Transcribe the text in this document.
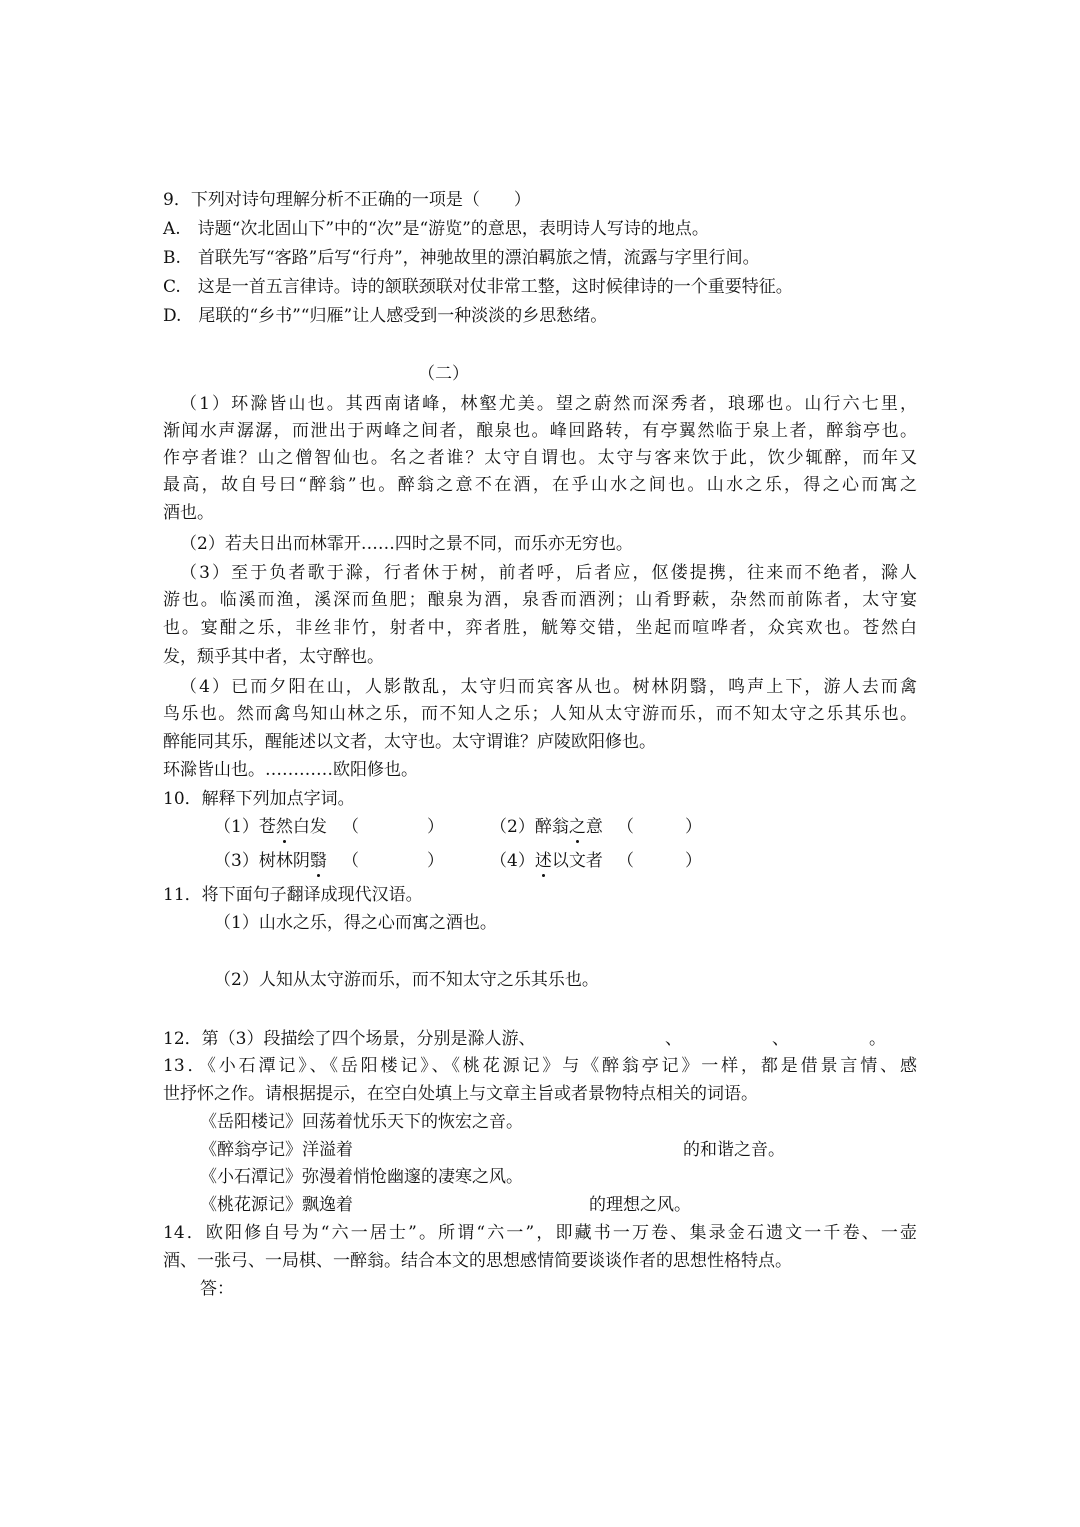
9．下列对诗句理解分析不正确的一项是（　　）
A.　诗题“次北固山下”中的“次”是“游览”的意思，表明诗人写诗的地点。
B.　首联先写“客路”后写“行舟”，神驰故里的漂泊羁旅之情，流露与字里行间。
C.　这是一首五言律诗。诗的颔联颈联对仗非常工整，这时候律诗的一个重要特征。
D.　尾联的“乡书”“归雁”让人感受到一种淡淡的乡思愁绪。
（二）
（1）环滁皆山也。其西南诸峰，林壑尤美。望之蔚然而深秀者，琅琊也。山行六七里，
渐闻水声潺潺，而泄出于两峰之间者，酿泉也。峰回路转，有亭翼然临于泉上者，醉翁亭也。
作亭者谁？山之僧智仙也。名之者谁？太守自谓也。太守与客来饮于此，饮少辄醉，而年又
最高，故自号曰“醉翁”也。醉翁之意不在酒，在乎山水之间也。山水之乐，得之心而寓之
酒也。
（2）若夫日出而林霏开……四时之景不同，而乐亦无穷也。
（3）至于负者歌于滁，行者休于树，前者呼，后者应，伛偻提携，往来而不绝者，滁人
游也。临溪而渔，溪深而鱼肥；酿泉为酒，泉香而酒洌；山肴野蔌，杂然而前陈者，太守宴
也。宴酣之乐，非丝非竹，射者中，弈者胜，觥筹交错，坐起而喧哗者，众宾欢也。苍然白
发，颓乎其中者，太守醉也。
（4）已而夕阳在山，人影散乱，太守归而宾客从也。树林阴翳，鸣声上下，游人去而禽
鸟乐也。然而禽鸟知山林之乐，而不知人之乐；人知从太守游而乐，而不知太守之乐其乐也。
醉能同其乐，醒能述以文者，太守也。太守谓谁？庐陵欧阳修也。
环滁皆山也。…………欧阳修也。
10．解释下列加点字词。
（1）苍然白发 （　　　　）	（2）醉翁之意 （　　　）
（3）树林阴翳 （　　　　）	（4）述以文者 （　　　）
11．将下面句子翻译成现代汉语。
（1）山水之乐，得之心而寓之酒也。
（2）人知从太守游而乐，而不知太守之乐其乐也。
12．第（3）段描绘了四个场景，分别是滁人游、	、	、	。
13．《小石潭记》、《岳阳楼记》、《桃花源记》与《醉翁亭记》一样，都是借景言情、感
世抒怀之作。请根据提示，在空白处填上与文章主旨或者景物特点相关的词语。
《岳阳楼记》回荡着忧乐天下的恢宏之音。
《醉翁亭记》洋溢着	的和谐之音。
《小石潭记》弥漫着悄怆幽邃的凄寒之风。
《桃花源记》飘逸着	的理想之风。
14．欧阳修自号为“六一居士”。所谓“六一”，即藏书一万卷、集录金石遗文一千卷、一壶
酒、一张弓、一局棋、一醉翁。结合本文的思想感情简要谈谈作者的思想性格特点。
答：
